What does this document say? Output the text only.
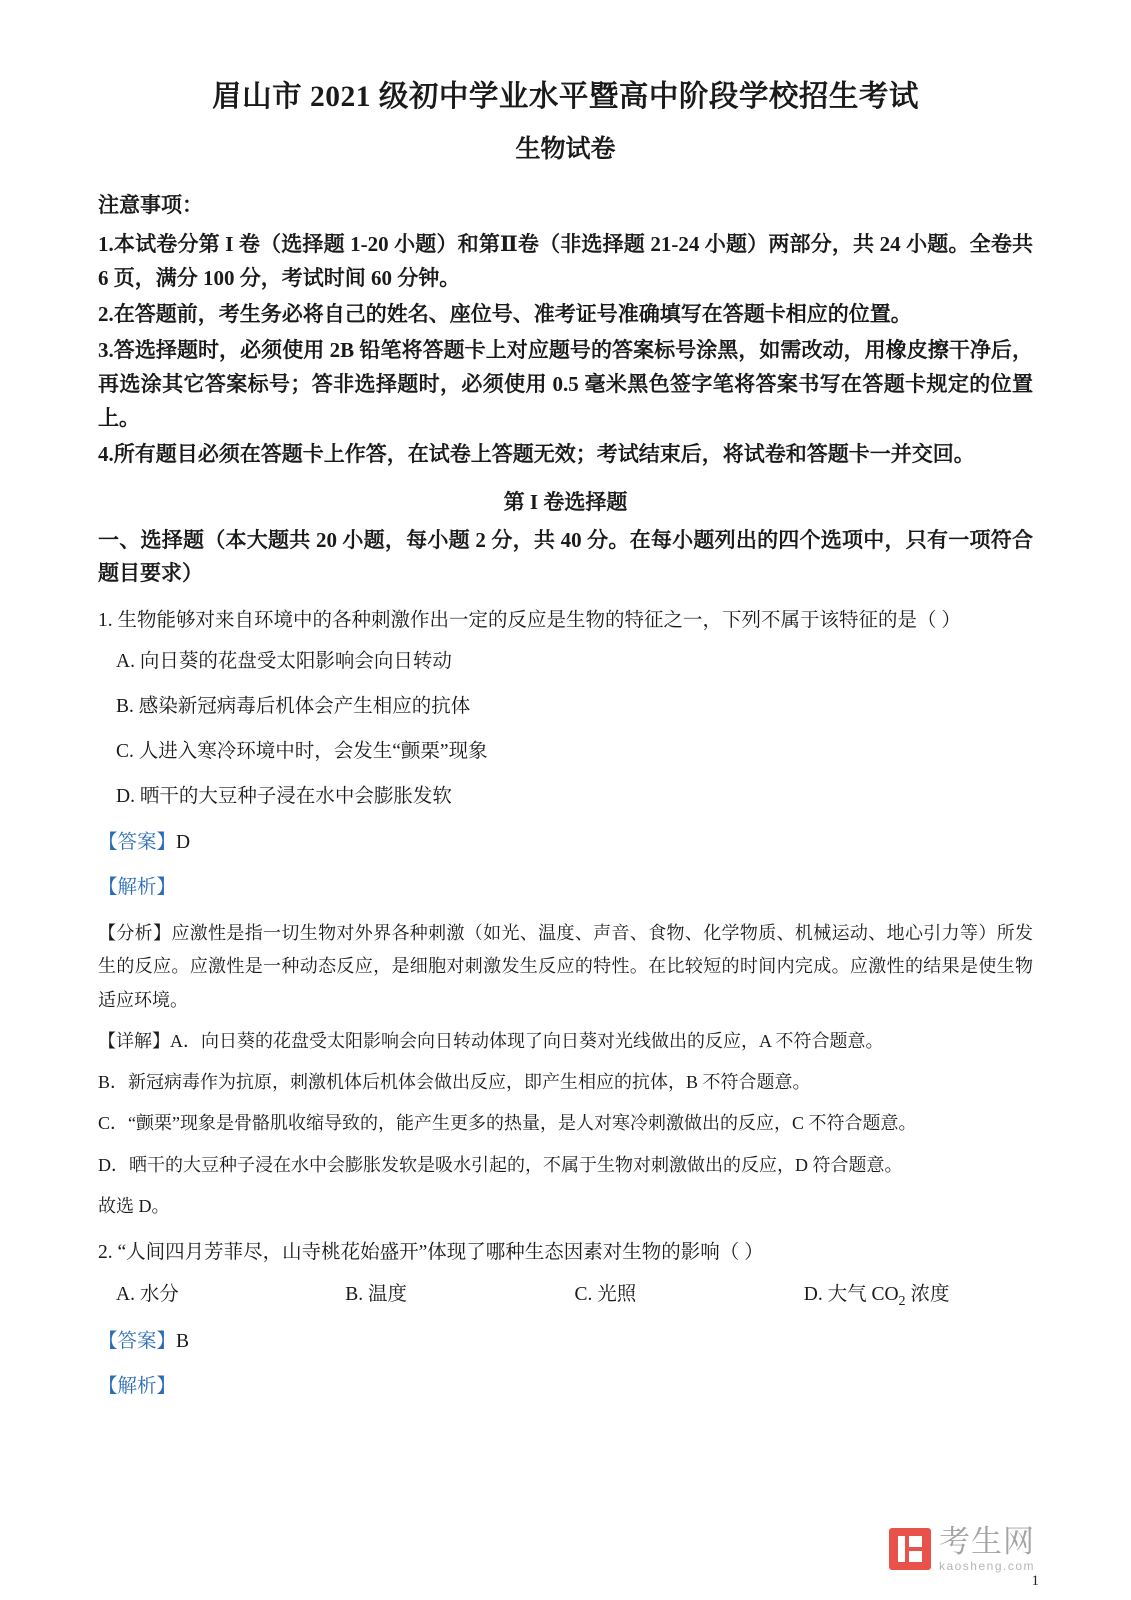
眉山市 2021 级初中学业水平暨高中阶段学校招生考试
生物试卷

注意事项：

1.本试卷分第 I 卷（选择题 1-20 小题）和第Ⅱ卷（非选择题 21-24 小题）两部分，共 24 小题。全卷共 6 页，满分 100 分，考试时间 60 分钟。

2.在答题前，考生务必将自己的姓名、座位号、准考证号准确填写在答题卡相应的位置。

3.答选择题时，必须使用 2B 铅笔将答题卡上对应题号的答案标号涂黑，如需改动，用橡皮擦干净后，再选涂其它答案标号；答非选择题时，必须使用 0.5 毫米黑色签字笔将答案书写在答题卡规定的位置上。

4.所有题目必须在答题卡上作答，在试卷上答题无效；考试结束后，将试卷和答题卡一并交回。

第 I 卷选择题

一、选择题（本大题共 20 小题，每小题 2 分，共 40 分。在每小题列出的四个选项中，只有一项符合题目要求）

1. 生物能够对来自环境中的各种刺激作出一定的反应是生物的特征之一，下列不属于该特征的是（ ）

A. 向日葵的花盘受太阳影响会向日转动

B. 感染新冠病毒后机体会产生相应的抗体

C. 人进入寒冷环境中时，会发生“颤栗”现象

D. 晒干的大豆种子浸在水中会膨胀发软

【答案】D

【解析】

【分析】应激性是指一切生物对外界各种刺激（如光、温度、声音、食物、化学物质、机械运动、地心引力等）所发生的反应。应激性是一种动态反应，是细胞对刺激发生反应的特性。在比较短的时间内完成。应激性的结果是使生物适应环境。

【详解】A．向日葵的花盘受太阳影响会向日转动体现了向日葵对光线做出的反应，A 不符合题意。

B．新冠病毒作为抗原，刺激机体后机体会做出反应，即产生相应的抗体，B 不符合题意。

C．“颤栗”现象是骨骼肌收缩导致的，能产生更多的热量，是人对寒冷刺激做出的反应，C 不符合题意。

D．晒干的大豆种子浸在水中会膨胀发软是吸水引起的，不属于生物对刺激做出的反应，D 符合题意。

故选 D。

2. “人间四月芳菲尽，山寺桃花始盛开”体现了哪种生态因素对生物的影响（ ）

A. 水分	B. 温度	C. 光照	D. 大气 $CO_2$ 浓度

【答案】B

【解析】

考生网
kaosheng.com
1
